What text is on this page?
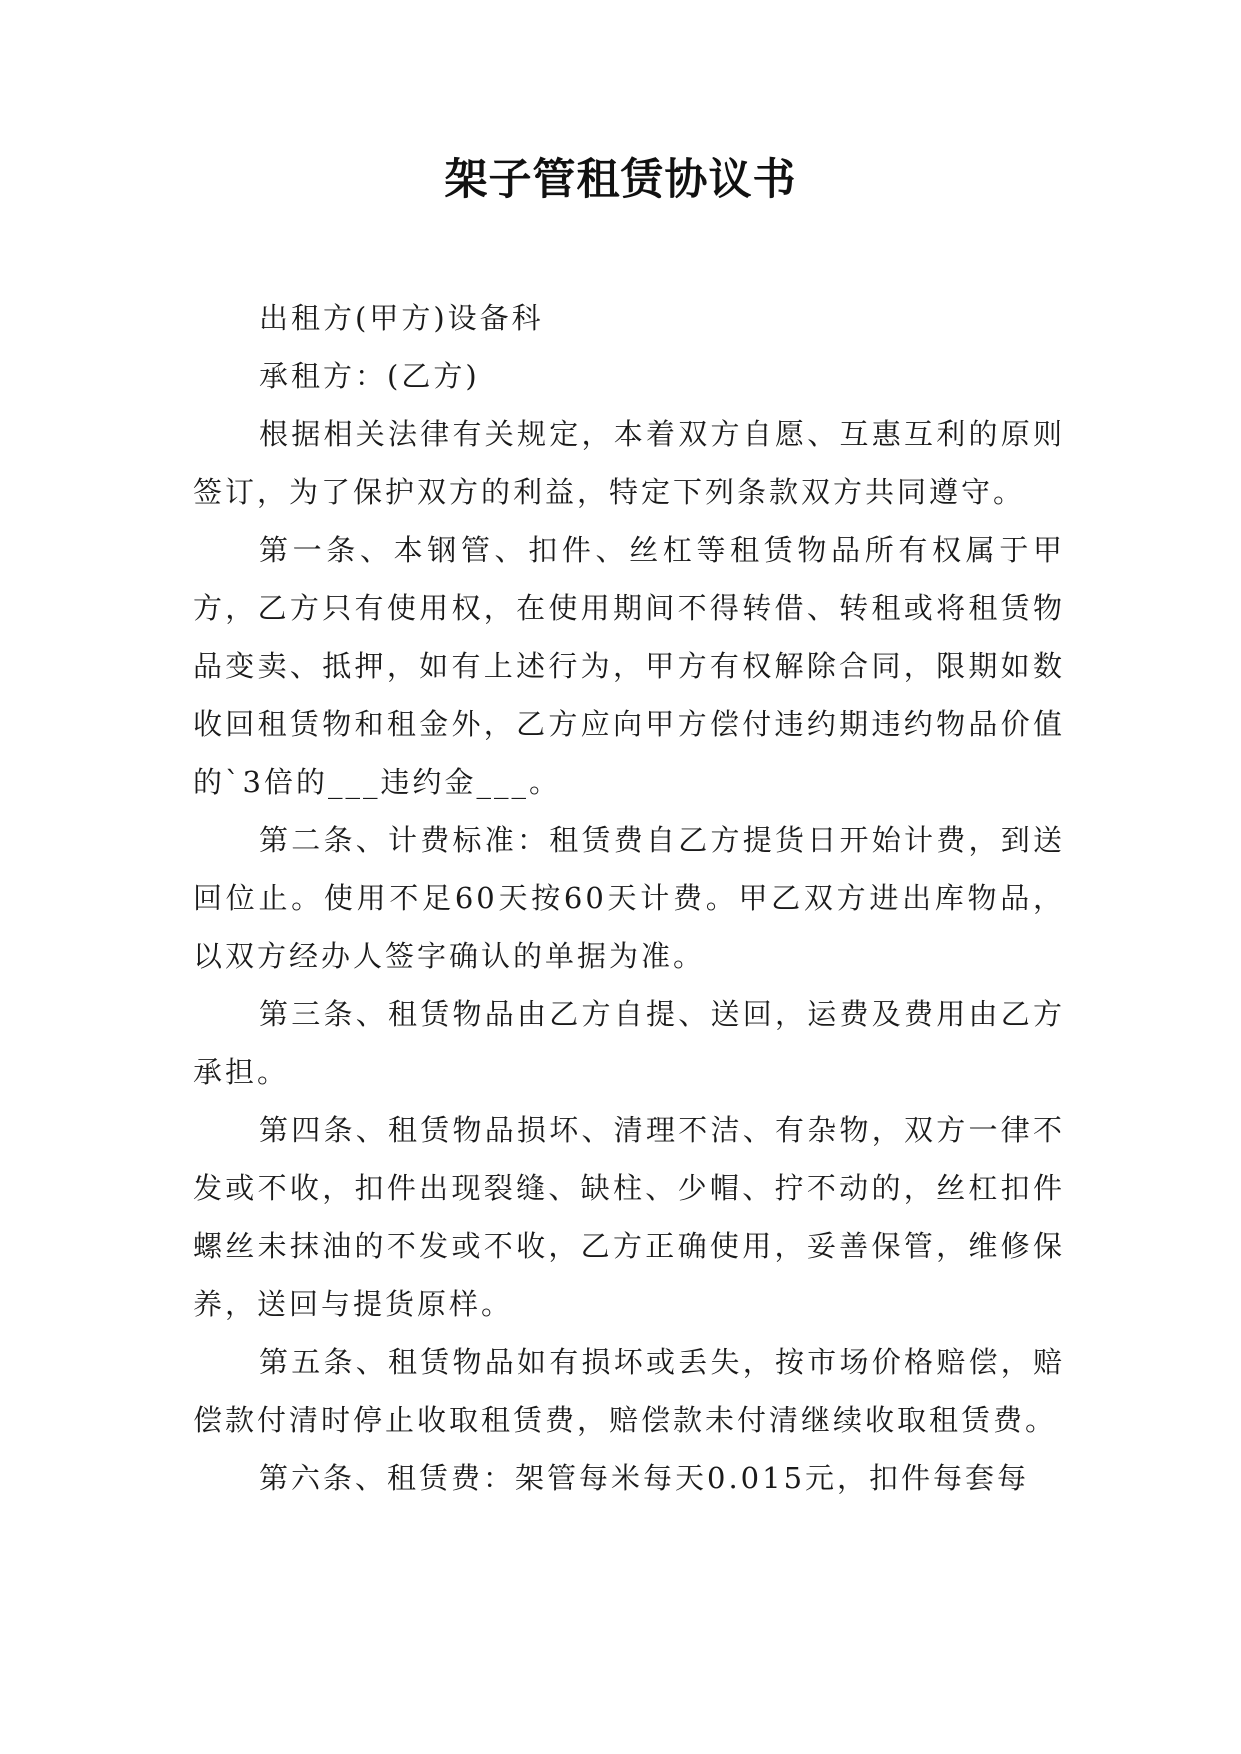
架子管租赁协议书

出租方(甲方)设备科

承租方：(乙方)

根据相关法律有关规定，本着双方自愿、互惠互利的原则签订，为了保护双方的利益，特定下列条款双方共同遵守。

第一条、本钢管、扣件、丝杠等租赁物品所有权属于甲方，乙方只有使用权，在使用期间不得转借、转租或将租赁物品变卖、抵押，如有上述行为，甲方有权解除合同，限期如数收回租赁物和租金外，乙方应向甲方偿付违约期违约物品价值的`3倍的___违约金___。

第二条、计费标准：租赁费自乙方提货日开始计费，到送回位止。使用不足60天按60天计费。甲乙双方进出库物品，以双方经办人签字确认的单据为准。

第三条、租赁物品由乙方自提、送回，运费及费用由乙方承担。

第四条、租赁物品损坏、清理不洁、有杂物，双方一律不发或不收，扣件出现裂缝、缺柱、少帽、拧不动的，丝杠扣件螺丝未抹油的不发或不收，乙方正确使用，妥善保管，维修保养，送回与提货原样。

第五条、租赁物品如有损坏或丢失，按市场价格赔偿，赔偿款付清时停止收取租赁费，赔偿款未付清继续收取租赁费。

第六条、租赁费：架管每米每天0.015元，扣件每套每
